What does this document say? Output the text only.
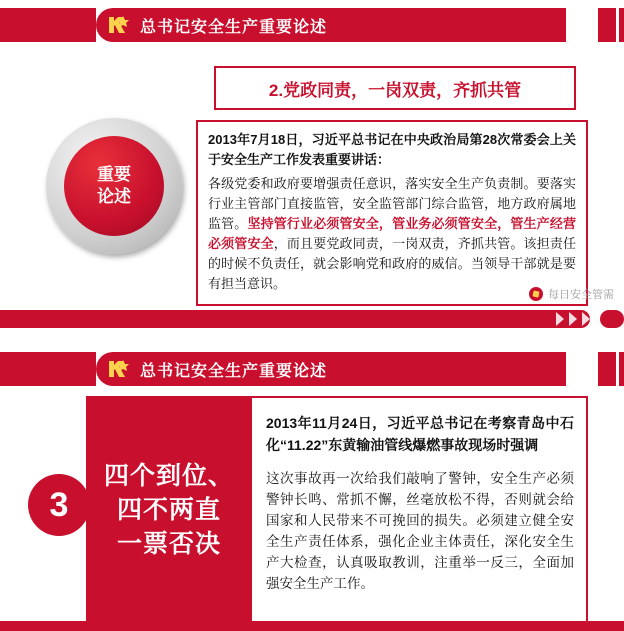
总书记安全生产重要论述
2.党政同责，一岗双责，齐抓共管
重要
论述
2013年7月18日，习近平总书记在中央政治局第28次常委会上关于安全生产工作发表重要讲话：
各级党委和政府要增强责任意识，落实安全生产负责制。要落实行业主管部门直接监管，安全监管部门综合监管，地方政府属地监管。坚持管行业必须管安全，管业务必须管安全，管生产经营必须管安全，而且要党政同责，一岗双责，齐抓共管。该担责任的时候不负责任，就会影响党和政府的威信。当领导干部就是要有担当意识。
每日安全管需
总书记安全生产重要论述
3
四个到位、
四不两直
一票否决
2013年11月24日，习近平总书记在考察青岛中石化“11.22”东黄输油管线爆燃事故现场时强调
这次事故再一次给我们敲响了警钟，安全生产必须警钟长鸣、常抓不懈，丝毫放松不得，否则就会给国家和人民带来不可挽回的损失。必须建立健全安全生产责任体系，强化企业主体责任，深化安全生产大检查，认真吸取教训，注重举一反三，全面加强安全生产工作。
